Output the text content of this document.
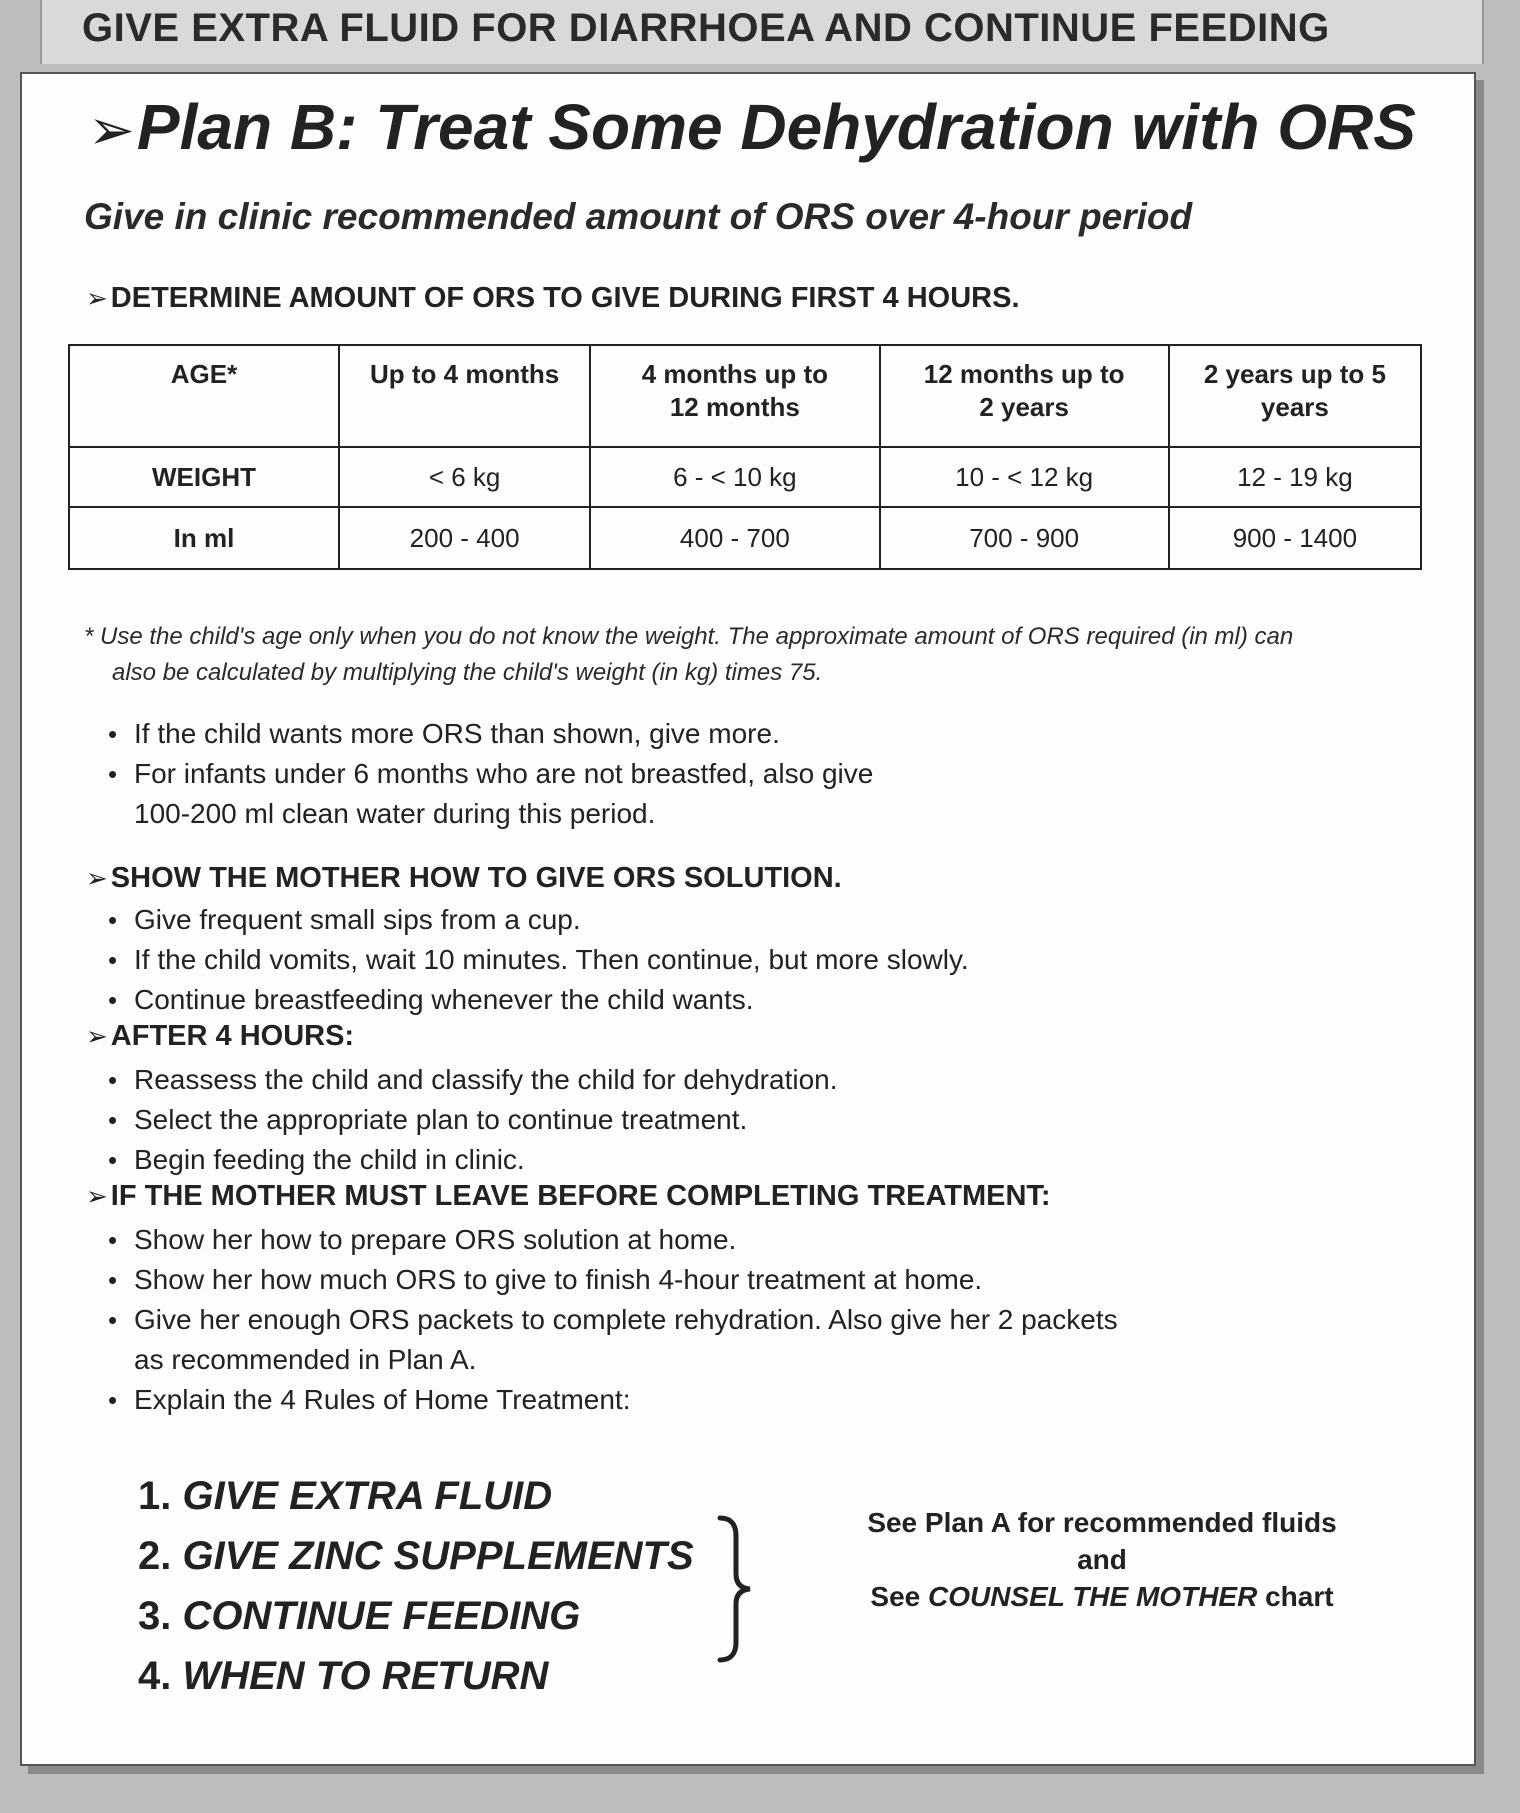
GIVE EXTRA FLUID FOR DIARRHOEA AND CONTINUE FEEDING
➢Plan B: Treat Some Dehydration with ORS
Give in clinic recommended amount of ORS over 4-hour period
➢ DETERMINE AMOUNT OF ORS TO GIVE DURING FIRST 4 HOURS.
AGE*	Up to 4 months	4 months up to 12 months	12 months up to 2 years	2 years up to 5 years
WEIGHT	< 6 kg	6 - < 10 kg	10 - < 12 kg	12 - 19 kg
In ml	200 - 400	400 - 700	700 - 900	900 - 1400
* Use the child's age only when you do not know the weight. The approximate amount of ORS required (in ml) can
also be calculated by multiplying the child's weight (in kg) times 75.
• If the child wants more ORS than shown, give more.
• For infants under 6 months who are not breastfed, also give
100-200 ml clean water during this period.
➢ SHOW THE MOTHER HOW TO GIVE ORS SOLUTION.
• Give frequent small sips from a cup.
• If the child vomits, wait 10 minutes. Then continue, but more slowly.
• Continue breastfeeding whenever the child wants.
➢ AFTER 4 HOURS:
• Reassess the child and classify the child for dehydration.
• Select the appropriate plan to continue treatment.
• Begin feeding the child in clinic.
➢ IF THE MOTHER MUST LEAVE BEFORE COMPLETING TREATMENT:
• Show her how to prepare ORS solution at home.
• Show her how much ORS to give to finish 4-hour treatment at home.
• Give her enough ORS packets to complete rehydration. Also give her 2 packets
as recommended in Plan A.
• Explain the 4 Rules of Home Treatment:
1. GIVE EXTRA FLUID
2. GIVE ZINC SUPPLEMENTS
3. CONTINUE FEEDING
4. WHEN TO RETURN
See Plan A for recommended fluids
and
See COUNSEL THE MOTHER chart
